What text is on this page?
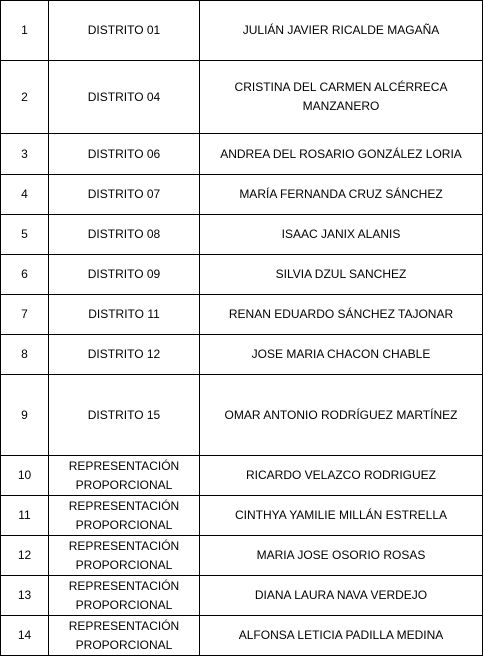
1	DISTRITO 01	JULIÁN JAVIER RICALDE MAGAÑA
2	DISTRITO 04	CRISTINA DEL CARMEN ALCÉRRECA MANZANERO
3	DISTRITO 06	ANDREA DEL ROSARIO GONZÁLEZ LORIA
4	DISTRITO 07	MARÍA FERNANDA CRUZ SÁNCHEZ
5	DISTRITO 08	ISAAC JANIX ALANIS
6	DISTRITO 09	SILVIA DZUL SANCHEZ
7	DISTRITO 11	RENAN EDUARDO SÁNCHEZ TAJONAR
8	DISTRITO 12	JOSE MARIA CHACON CHABLE
9	DISTRITO 15	OMAR ANTONIO RODRÍGUEZ MARTÍNEZ
10	REPRESENTACIÓN PROPORCIONAL	RICARDO VELAZCO RODRIGUEZ
11	REPRESENTACIÓN PROPORCIONAL	CINTHYA YAMILIE MILLÁN ESTRELLA
12	REPRESENTACIÓN PROPORCIONAL	MARIA JOSE OSORIO ROSAS
13	REPRESENTACIÓN PROPORCIONAL	DIANA LAURA NAVA VERDEJO
14	REPRESENTACIÓN PROPORCIONAL	ALFONSA LETICIA PADILLA MEDINA
